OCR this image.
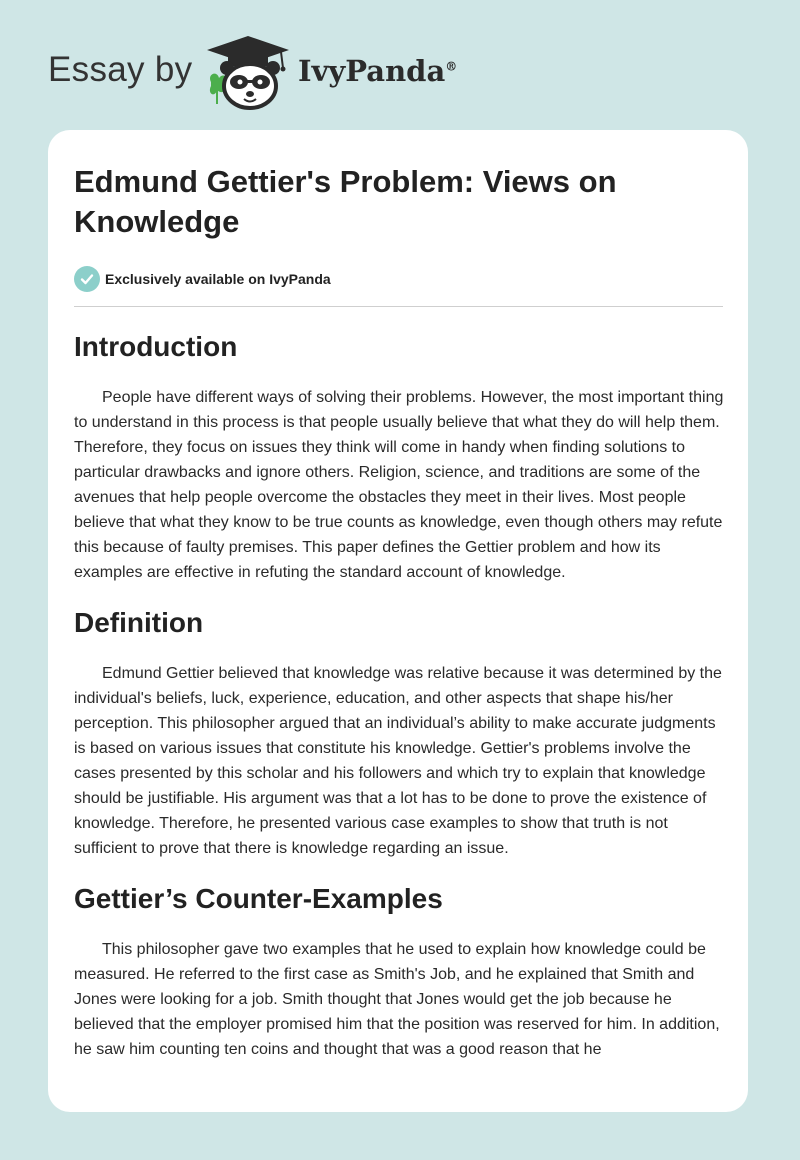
Essay by	IvyPanda®
Edmund Gettier's Problem: Views on Knowledge
Exclusively available on IvyPanda
Introduction

People have different ways of solving their problems. However, the most important thing to understand in this process is that people usually believe that what they do will help them. Therefore, they focus on issues they think will come in handy when finding solutions to particular drawbacks and ignore others. Religion, science, and traditions are some of the avenues that help people overcome the obstacles they meet in their lives. Most people believe that what they know to be true counts as knowledge, even though others may refute this because of faulty premises. This paper defines the Gettier problem and how its examples are effective in refuting the standard account of knowledge.

Definition

Edmund Gettier believed that knowledge was relative because it was determined by the individual's beliefs, luck, experience, education, and other aspects that shape his/her perception. This philosopher argued that an individual’s ability to make accurate judgments is based on various issues that constitute his knowledge. Gettier's problems involve the cases presented by this scholar and his followers and which try to explain that knowledge should be justifiable. His argument was that a lot has to be done to prove the existence of knowledge. Therefore, he presented various case examples to show that truth is not sufficient to prove that there is knowledge regarding an issue.

Gettier’s Counter-Examples

This philosopher gave two examples that he used to explain how knowledge could be measured. He referred to the first case as Smith's Job, and he explained that Smith and Jones were looking for a job. Smith thought that Jones would get the job because he believed that the employer promised him that the position was reserved for him. In addition, he saw him counting ten coins and thought that was a good reason that he
